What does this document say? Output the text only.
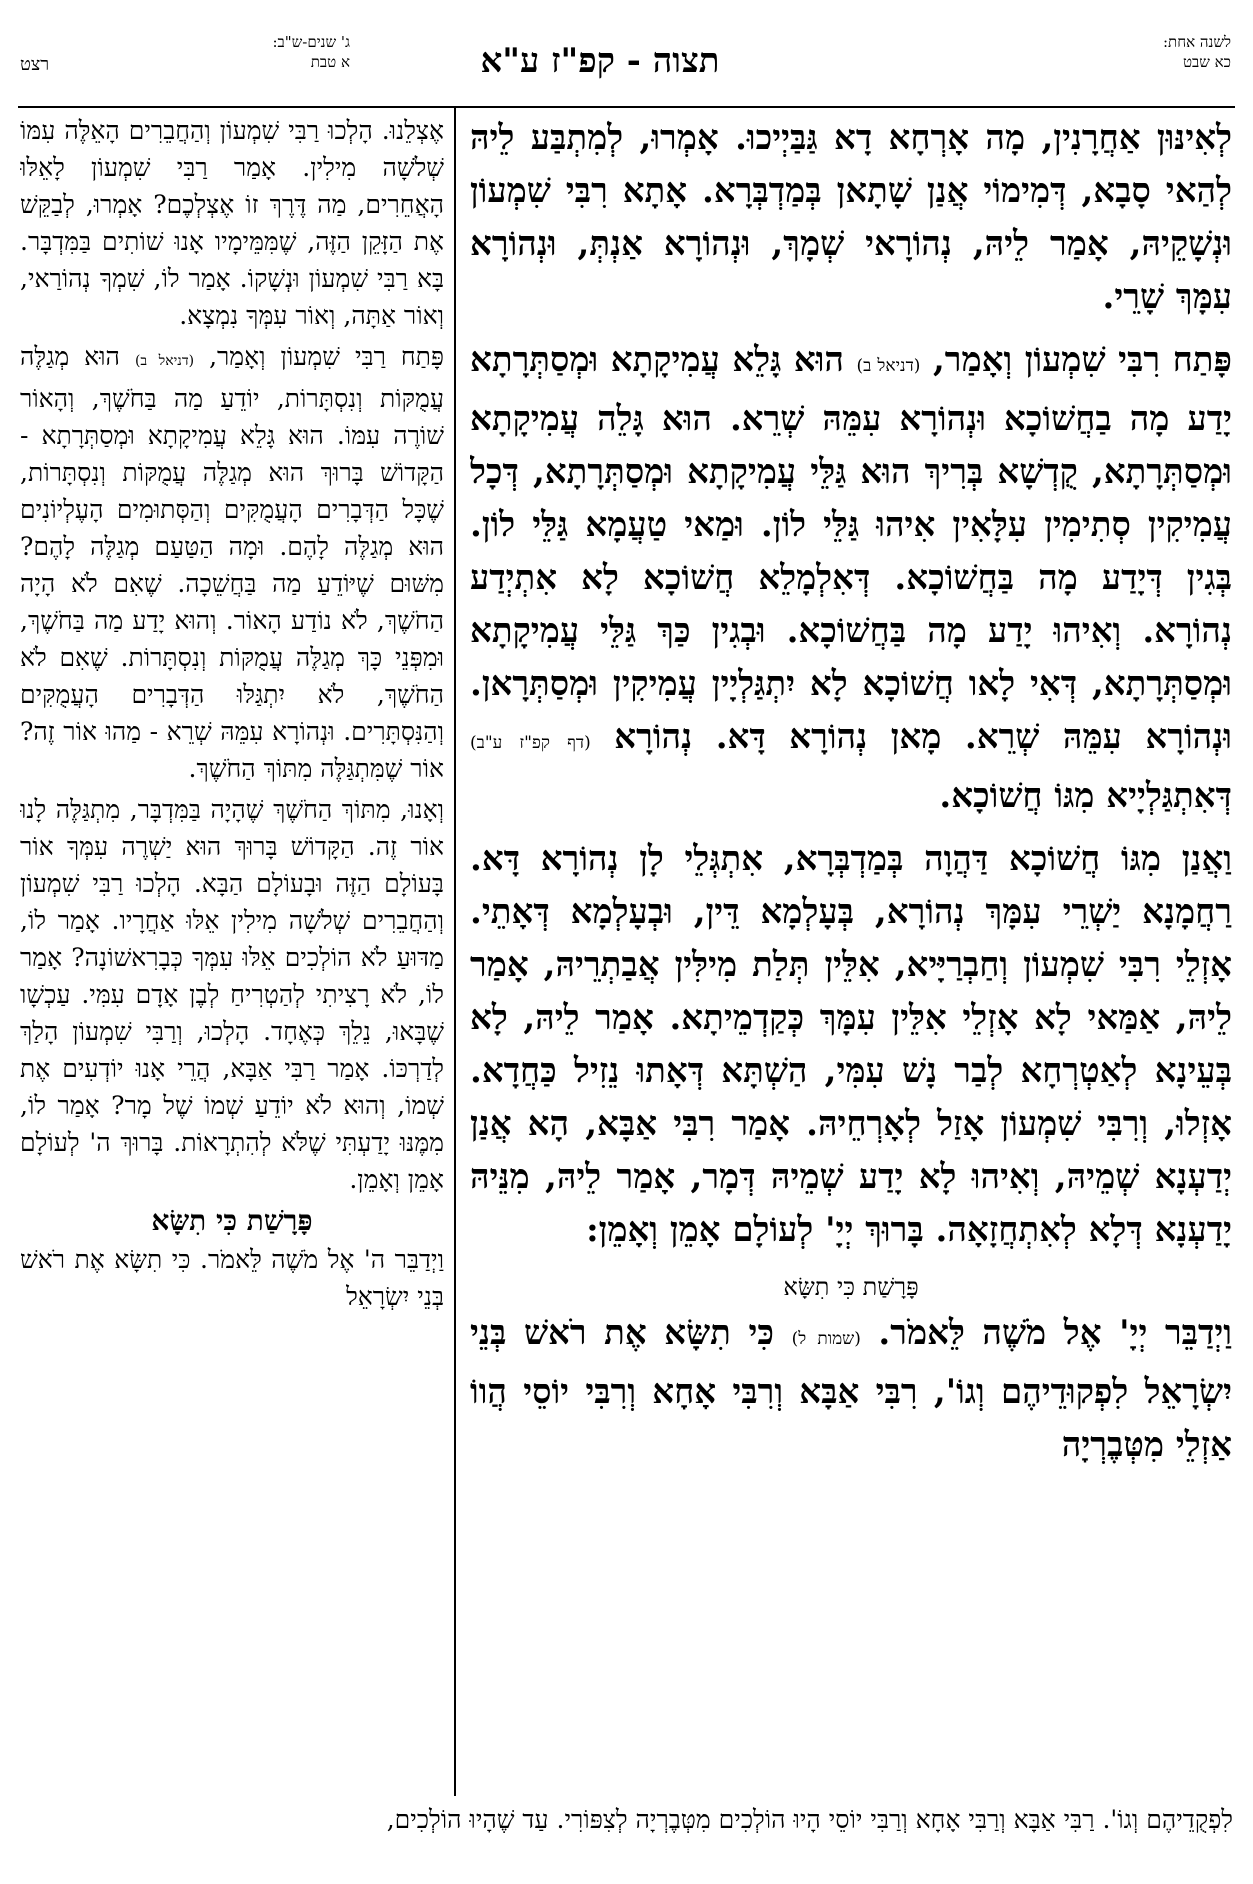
לשנה אחת:
כא שבט
תצוה - קפ"ז ע"א
ג' שנים-ש"ב:
א טבת
רצט

לְאִינּוּן אַחֲרָנִין, מָה אָרְחָא דָא גַּבַּיְיכוּ. אָמְרוּ, לְמִתְבַּע לֵיהּ לְהַאי סָבָא, דְּמִימוֹי אֲנַן שָׁתָאן בְּמַדְבְּרָא. אָתָא רִבִּי שִׁמְעוֹן וּנְשָׁקֵיהּ, אָמַר לֵיהּ, נְהוֹרָאי שְׁמָךְ, וּנְהוֹרָא אַנְתְּ, וּנְהוֹרָא עִמָּךְ שָׁרֵי.

פָּתַח רִבִּי שִׁמְעוֹן וְאָמַר, (דניאל ב) הוּא גָּלֵא עֲמִיקָתָא וּמְסַתְּרָתָא יָדַע מָה בַחֲשׁוֹכָא וּנְהוֹרָא עִמֵּהּ שְׁרֵא. הוּא גָּלֵה עֲמִיקָתָא וּמְסַתְּרָתָא, קֻדְשָׁא בְּרִיךְ הוּא גַּלֵּי עֲמִיקָתָא וּמְסַתְּרָתָא, דְּכָל עֲמִיקִין סְתִימִין עִלָּאִין אִיהוּ גַּלֵּי לוֹן. וּמַאי טַעֲמָא גַּלֵּי לוֹן. בְּגִין דְּיָדַע מָה בַּחֲשׁוֹכָא. דְּאִלְמָלֵא חֲשׁוֹכָא לָא אִתְיְדַע נְהוֹרָא. וְאִיהוּ יָדַע מָה בַּחֲשׁוֹכָא. וּבְגִין כַּךְ גַּלֵּי עֲמִיקָתָא וּמְסַתְּרָתָא, דְּאִי לָאו חֲשׁוֹכָא לָא יִתְגַּלְיָין עֲמִיקִין וּמְסַתְּרָאן. וּנְהוֹרָא עִמֵּהּ שְׁרֵא. מָאן נְהוֹרָא דָּא. נְהוֹרָא (דף קפ"ז ע"ב) דְּאִתְגַּלְיָיא מִגּוֹ חֲשׁוֹכָא.

וַאֲנַן מִגּוֹ חֲשׁוֹכָא דַּהֲוָה בְּמַדְבְּרָא, אִתְגְּלֵי לָן נְהוֹרָא דָּא. רַחֲמָנָא יַשְׁרֵי עִמָּךְ נְהוֹרָא, בְּעָלְמָא דֵּין, וּבְעָלְמָא דְּאָתֵי. אָזְלֵי רִבִּי שִׁמְעוֹן וְחַבְרַיָּיא, אִלֵּין תְּלַת מִילִּין אֲבַתְרֵיהּ, אָמַר לֵיהּ, אַמַּאי לָא אָזְלֵי אִלֵּין עִמָּךְ כְּקַדְמֵיתָא. אָמַר לֵיהּ, לָא בְּעֵינָא לְאַטְרְחָא לְבַר נָשׁ עִמִּי, הַשְׁתָּא דְּאָתוּ נֵזִיל כַּחֲדָא. אָזְלוּ, וְרִבִּי שִׁמְעוֹן אָזַל לְאָרְחֵיהּ. אָמַר רִבִּי אַבָּא, הָא אֲנַן יְדַעְנָא שְׁמֵיהּ, וְאִיהוּ לָא יָדַע שְׁמֵיהּ דְּמָר, אָמַר לֵיהּ, מִנֵּיהּ יָדַעְנָא דְּלָא לְאִתְחֲזָאָה. בָּרוּךְ יְיָ' לְעוֹלָם אָמֵן וְאָמֵן:

פָּרָשַׁת כִּי תִשָּׂא

וַיְדַבֵּר יְיָ' אֶל מֹשֶׁה לֵּאמֹר. (שמות ל) כִּי תִשָּׂא אֶת רֹאשׁ בְּנֵי יִשְׂרָאֵל לִפְקוּדֵיהֶם וְגוֹ', רִבִּי אַבָּא וְרִבִּי אָחָא וְרִבִּי יוֹסֵי הֲווֹ אַזְלֵי מִטְּבֶרְיָה

אֶצְלֵנוּ. הָלְכוּ רַבִּי שִׁמְעוֹן וְהַחֲבֵרִים הָאֵלֶּה עִמּוֹ שְׁלֹשָׁה מִילִין. אָמַר רַבִּי שִׁמְעוֹן לָאֵלּוּ הָאֲחֵרִים, מַה דֶּרֶךְ זוֹ אֶצְלְכֶם? אָמְרוּ, לְבַקֵּשׁ אֶת הַזָּקֵן הַזֶּה, שֶׁמִּמֵּימָיו אָנוּ שׁוֹתִים בַּמִּדְבָּר. בָּא רַבִּי שִׁמְעוֹן וּנְשָׁקוֹ. אָמַר לוֹ, שִׁמְךָ נְהוֹרַאי, וְאוֹר אַתָּה, וְאוֹר עִמְּךָ נִמְצָא.

פָּתַח רַבִּי שִׁמְעוֹן וְאָמַר, (דניאל ב) הוּא מְגַלֶּה עֲמֻקּוֹת וְנִסְתָּרוֹת, יוֹדֵעַ מַה בַּחֹשֶׁךְ, וְהָאוֹר שׁוֹרֶה עִמּוֹ. הוּא גָּלֵא עֲמִיקָתָא וּמְסַתְּרָתָא - הַקָּדוֹשׁ בָּרוּךְ הוּא מְגַלֶּה עֲמֻקּוֹת וְנִסְתָּרוֹת, שֶׁכָּל הַדְּבָרִים הָעֲמֻקִּים וְהַסְּתוּמִים הָעֶלְיוֹנִים הוּא מְגַלֶּה לָהֶם. וּמָה הַטַּעַם מְגַלֶּה לָהֶם? מִשּׁוּם שֶׁיּוֹדֵעַ מַה בַּחֲשֵׁכָה. שֶׁאִם לֹא הָיָה הַחֹשֶׁךְ, לֹא נוֹדַע הָאוֹר. וְהוּא יָדַע מַה בַּחֹשֶׁךְ, וּמִפְּנֵי כָּךְ מְגַלֶּה עֲמֻקּוֹת וְנִסְתָּרוֹת. שֶׁאִם לֹא הַחֹשֶׁךְ, לֹא יִתְגַּלּוּ הַדְּבָרִים הָעֲמֻקִּים וְהַנִּסְתָּרִים. וּנְהוֹרָא עִמֵּהּ שְׁרֵא - מַהוּ אוֹר זֶה? אוֹר שֶׁמִּתְגַּלֶּה מִתּוֹךְ הַחֹשֶׁךְ.

וְאָנוּ, מִתּוֹךְ הַחֹשֶׁךְ שֶׁהָיָה בַּמִּדְבָּר, מִתְגַּלֶּה לָנוּ אוֹר זֶה. הַקָּדוֹשׁ בָּרוּךְ הוּא יַשְׁרֶה עִמְּךָ אוֹר בָּעוֹלָם הַזֶּה וּבָעוֹלָם הַבָּא. הָלְכוּ רַבִּי שִׁמְעוֹן וְהַחֲבֵרִים שְׁלֹשָׁה מִילִין אֵלּוּ אַחֲרָיו. אָמַר לוֹ, מַדּוּעַ לֹא הוֹלְכִים אֵלּוּ עִמְּךָ כְּבָרִאשׁוֹנָה? אָמַר לוֹ, לֹא רָצִיתִי לְהַטְרִיחַ לְבֶן אָדָם עִמִּי. עַכְשָׁו שֶׁבָּאוּ, נֵלֵךְ כְּאֶחָד. הָלְכוּ, וְרַבִּי שִׁמְעוֹן הָלַךְ לְדַרְכּוֹ. אָמַר רַבִּי אַבָּא, הֲרֵי אָנוּ יוֹדְעִים אֶת שְׁמוֹ, וְהוּא לֹא יוֹדֵעַ שְׁמוֹ שֶׁל מָר? אָמַר לוֹ, מִמֶּנּוּ יָדַעְתִּי שֶׁלֹּא לְהִתְרָאוֹת. בָּרוּךְ ה' לְעוֹלָם אָמֵן וְאָמֵן.

פָּרָשַׁת כִּי תִשָּׂא

וַיְדַבֵּר ה' אֶל מֹשֶׁה לֵּאמֹר. כִּי תִשָּׂא אֶת רֹאשׁ בְּנֵי יִשְׂרָאֵל

לִפְקֻדֵיהֶם וְגוֹ'. רַבִּי אַבָּא וְרַבִּי אָחָא וְרַבִּי יוֹסֵי הָיוּ הוֹלְכִים מִטְּבֶרְיָה לְצִפּוֹרִי. עַד שֶׁהָיוּ הוֹלְכִים,
